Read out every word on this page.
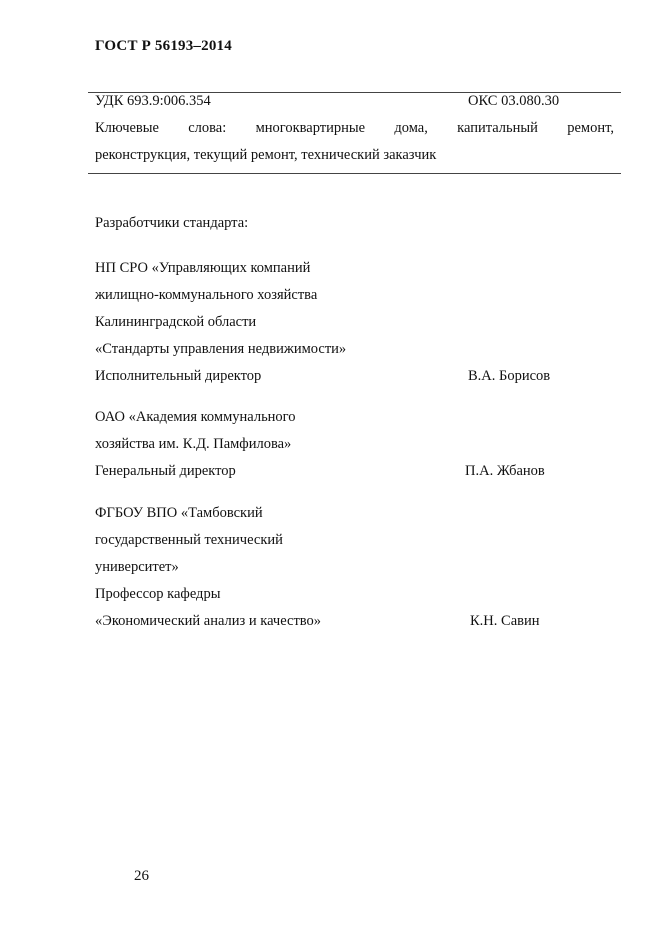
ГОСТ Р 56193–2014
УДК 693.9:006.354	ОКС 03.080.30
Ключевые слова: многоквартирные дома, капитальный ремонт,
реконструкция, текущий ремонт, технический заказчик
Разработчики стандарта:
НП СРО «Управляющих компаний
жилищно-коммунального хозяйства
Калининградской области
«Стандарты управления недвижимости»
Исполнительный директор	В.А. Борисов
ОАО «Академия коммунального
хозяйства им. К.Д. Памфилова»
Генеральный директор	П.А. Жбанов
ФГБОУ ВПО «Тамбовский
государственный технический
университет»
Профессор кафедры
«Экономический анализ и качество»	К.Н. Савин
26
